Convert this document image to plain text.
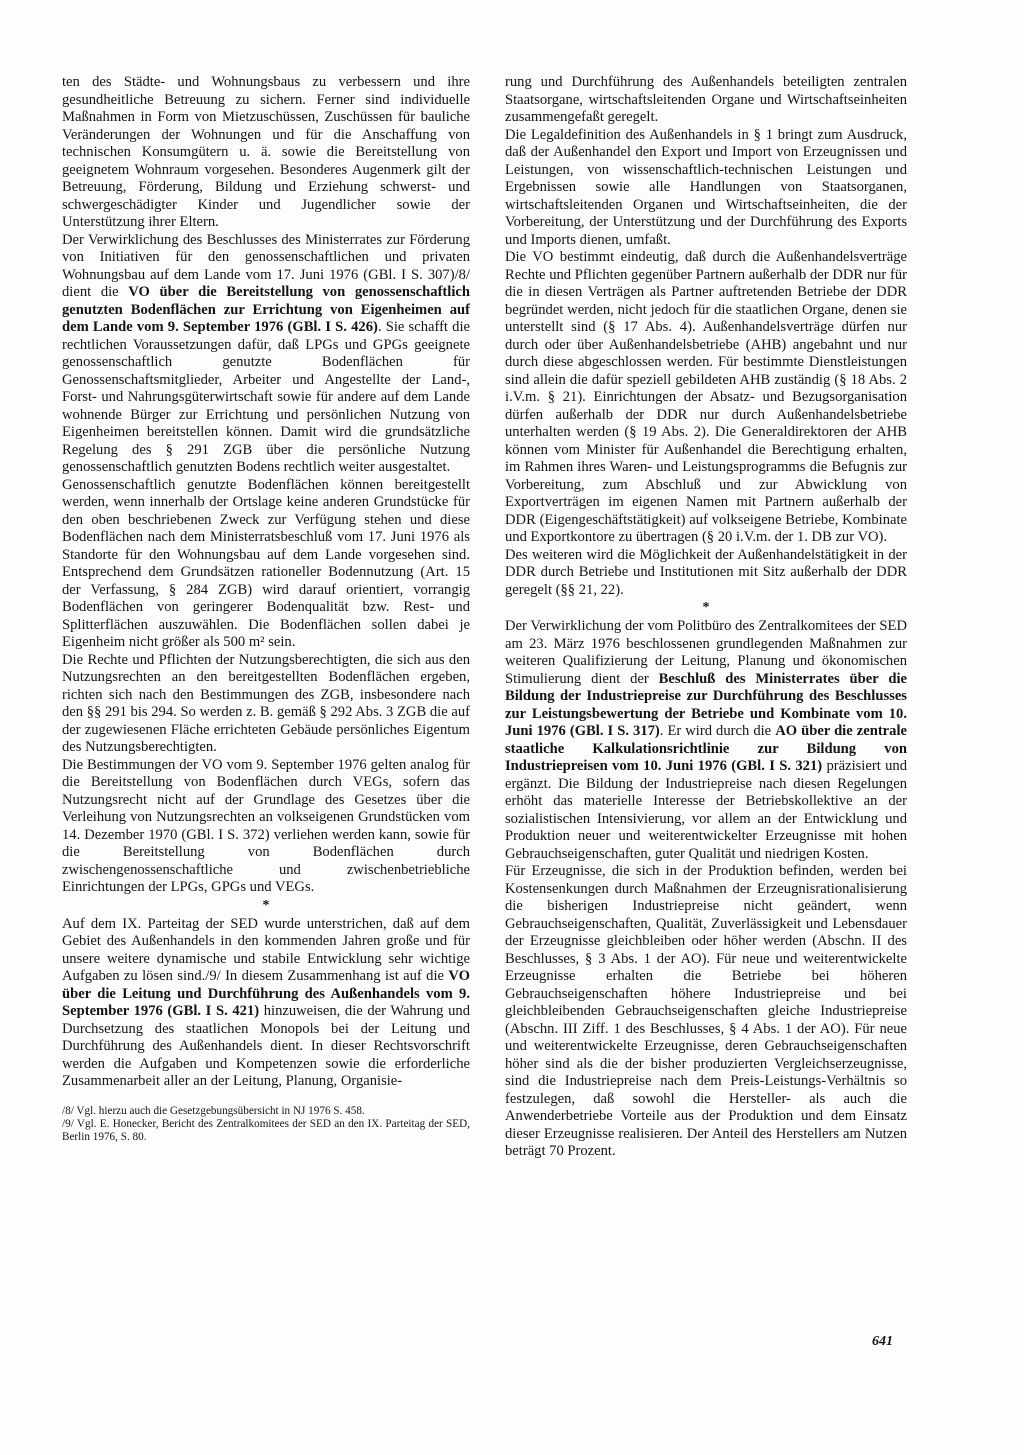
ten des Städte- und Wohnungsbaus zu verbessern und ihre gesundheitliche Betreuung zu sichern. Ferner sind individuelle Maßnahmen in Form von Mietzuschüssen, Zuschüssen für bauliche Veränderungen der Wohnungen und für die Anschaffung von technischen Konsumgütern u. ä. sowie die Bereitstellung von geeignetem Wohnraum vorgesehen. Besonderes Augenmerk gilt der Betreuung, Förderung, Bildung und Erziehung schwerst- und schwergeschädigter Kinder und Jugendlicher sowie der Unterstützung ihrer Eltern.

Der Verwirklichung des Beschlusses des Ministerrates zur Förderung von Initiativen für den genossenschaftlichen und privaten Wohnungsbau auf dem Lande vom 17. Juni 1976 (GBl. I S. 307)/8/ dient die VO über die Bereitstellung von genossenschaftlich genutzten Bodenflächen zur Errichtung von Eigenheimen auf dem Lande vom 9. September 1976 (GBl. I S. 426). Sie schafft die rechtlichen Voraussetzungen dafür, daß LPGs und GPGs geeignete genossenschaftlich genutzte Bodenflächen für Genossenschaftsmitglieder, Arbeiter und Angestellte der Land-, Forst- und Nahrungsgüterwirtschaft sowie für andere auf dem Lande wohnende Bürger zur Errichtung und persönlichen Nutzung von Eigenheimen bereitstellen können. Damit wird die grundsätzliche Regelung des § 291 ZGB über die persönliche Nutzung genossenschaftlich genutzten Bodens rechtlich weiter ausgestaltet.

Genossenschaftlich genutzte Bodenflächen können bereitgestellt werden, wenn innerhalb der Ortslage keine anderen Grundstücke für den oben beschriebenen Zweck zur Verfügung stehen und diese Bodenflächen nach dem Ministerratsbeschluß vom 17. Juni 1976 als Standorte für den Wohnungsbau auf dem Lande vorgesehen sind. Entsprechend dem Grundsätzen rationeller Bodennutzung (Art. 15 der Verfassung, § 284 ZGB) wird darauf orientiert, vorrangig Bodenflächen von geringerer Bodenqualität bzw. Rest- und Splitterflächen auszuwählen. Die Bodenflächen sollen dabei je Eigenheim nicht größer als 500 m² sein.

Die Rechte und Pflichten der Nutzungsberechtigten, die sich aus den Nutzungsrechten an den bereitgestellten Bodenflächen ergeben, richten sich nach den Bestimmungen des ZGB, insbesondere nach den §§ 291 bis 294. So werden z. B. gemäß § 292 Abs. 3 ZGB die auf der zugewiesenen Fläche errichteten Gebäude persönliches Eigentum des Nutzungsberechtigten.

Die Bestimmungen der VO vom 9. September 1976 gelten analog für die Bereitstellung von Bodenflächen durch VEGs, sofern das Nutzungsrecht nicht auf der Grundlage des Gesetzes über die Verleihung von Nutzungsrechten an volkseigenen Grundstücken vom 14. Dezember 1970 (GBl. I S. 372) verliehen werden kann, sowie für die Bereitstellung von Bodenflächen durch zwischengenossenschaftliche und zwischenbetriebliche Einrichtungen der LPGs, GPGs und VEGs.

*

Auf dem IX. Parteitag der SED wurde unterstrichen, daß auf dem Gebiet des Außenhandels in den kommenden Jahren große und für unsere weitere dynamische und stabile Entwicklung sehr wichtige Aufgaben zu lösen sind./9/ In diesem Zusammenhang ist auf die VO über die Leitung und Durchführung des Außenhandels vom 9. September 1976 (GBl. I S. 421) hinzuweisen, die der Wahrung und Durchsetzung des staatlichen Monopols bei der Leitung und Durchführung des Außenhandels dient. In dieser Rechtsvorschrift werden die Aufgaben und Kompetenzen sowie die erforderliche Zusammenarbeit aller an der Leitung, Planung, Organisie-

/8/ Vgl. hierzu auch die Gesetzgebungsübersicht in NJ 1976 S. 458.

/9/ Vgl. E. Honecker, Bericht des Zentralkomitees der SED an den IX. Parteitag der SED, Berlin 1976, S. 80.

rung und Durchführung des Außenhandels beteiligten zentralen Staatsorgane, wirtschaftsleitenden Organe und Wirtschaftseinheiten zusammengefaßt geregelt.

Die Legaldefinition des Außenhandels in § 1 bringt zum Ausdruck, daß der Außenhandel den Export und Import von Erzeugnissen und Leistungen, von wissenschaftlich-technischen Leistungen und Ergebnissen sowie alle Handlungen von Staatsorganen, wirtschaftsleitenden Organen und Wirtschaftseinheiten, die der Vorbereitung, der Unterstützung und der Durchführung des Exports und Imports dienen, umfaßt.

Die VO bestimmt eindeutig, daß durch die Außenhandelsverträge Rechte und Pflichten gegenüber Partnern außerhalb der DDR nur für die in diesen Verträgen als Partner auftretenden Betriebe der DDR begründet werden, nicht jedoch für die staatlichen Organe, denen sie unterstellt sind (§ 17 Abs. 4). Außenhandelsverträge dürfen nur durch oder über Außenhandelsbetriebe (AHB) angebahnt und nur durch diese abgeschlossen werden. Für bestimmte Dienstleistungen sind allein die dafür speziell gebildeten AHB zuständig (§ 18 Abs. 2 i.V.m. § 21). Einrichtungen der Absatz- und Bezugsorganisation dürfen außerhalb der DDR nur durch Außenhandelsbetriebe unterhalten werden (§ 19 Abs. 2). Die Generaldirektoren der AHB können vom Minister für Außenhandel die Berechtigung erhalten, im Rahmen ihres Waren- und Leistungsprogramms die Befugnis zur Vorbereitung, zum Abschluß und zur Abwicklung von Exportverträgen im eigenen Namen mit Partnern außerhalb der DDR (Eigengeschäftstätigkeit) auf volkseigene Betriebe, Kombinate und Exportkontore zu übertragen (§ 20 i.V.m. der 1. DB zur VO).

Des weiteren wird die Möglichkeit der Außenhandelstätigkeit in der DDR durch Betriebe und Institutionen mit Sitz außerhalb der DDR geregelt (§§ 21, 22).

*

Der Verwirklichung der vom Politbüro des Zentralkomitees der SED am 23. März 1976 beschlossenen grundlegenden Maßnahmen zur weiteren Qualifizierung der Leitung, Planung und ökonomischen Stimulierung dient der Beschluß des Ministerrates über die Bildung der Industriepreise zur Durchführung des Beschlusses zur Leistungsbewertung der Betriebe und Kombinate vom 10. Juni 1976 (GBl. I S. 317). Er wird durch die AO über die zentrale staatliche Kalkulationsrichtlinie zur Bildung von Industriepreisen vom 10. Juni 1976 (GBl. I S. 321) präzisiert und ergänzt. Die Bildung der Industriepreise nach diesen Regelungen erhöht das materielle Interesse der Betriebskollektive an der sozialistischen Intensivierung, vor allem an der Entwicklung und Produktion neuer und weiterentwickelter Erzeugnisse mit hohen Gebrauchseigenschaften, guter Qualität und niedrigen Kosten.

Für Erzeugnisse, die sich in der Produktion befinden, werden bei Kostensenkungen durch Maßnahmen der Erzeugnisrationalisierung die bisherigen Industriepreise nicht geändert, wenn Gebrauchseigenschaften, Qualität, Zuverlässigkeit und Lebensdauer der Erzeugnisse gleichbleiben oder höher werden (Abschn. II des Beschlusses, § 3 Abs. 1 der AO). Für neue und weiterentwickelte Erzeugnisse erhalten die Betriebe bei höheren Gebrauchseigenschaften höhere Industriepreise und bei gleichbleibenden Gebrauchseigenschaften gleiche Industriepreise (Abschn. III Ziff. 1 des Beschlusses, § 4 Abs. 1 der AO). Für neue und weiterentwickelte Erzeugnisse, deren Gebrauchseigenschaften höher sind als die der bisher produzierten Vergleichserzeugnisse, sind die Industriepreise nach dem Preis-Leistungs-Verhältnis so festzulegen, daß sowohl die Hersteller- als auch die Anwenderbetriebe Vorteile aus der Produktion und dem Einsatz dieser Erzeugnisse realisieren. Der Anteil des Herstellers am Nutzen beträgt 70 Prozent.

641
